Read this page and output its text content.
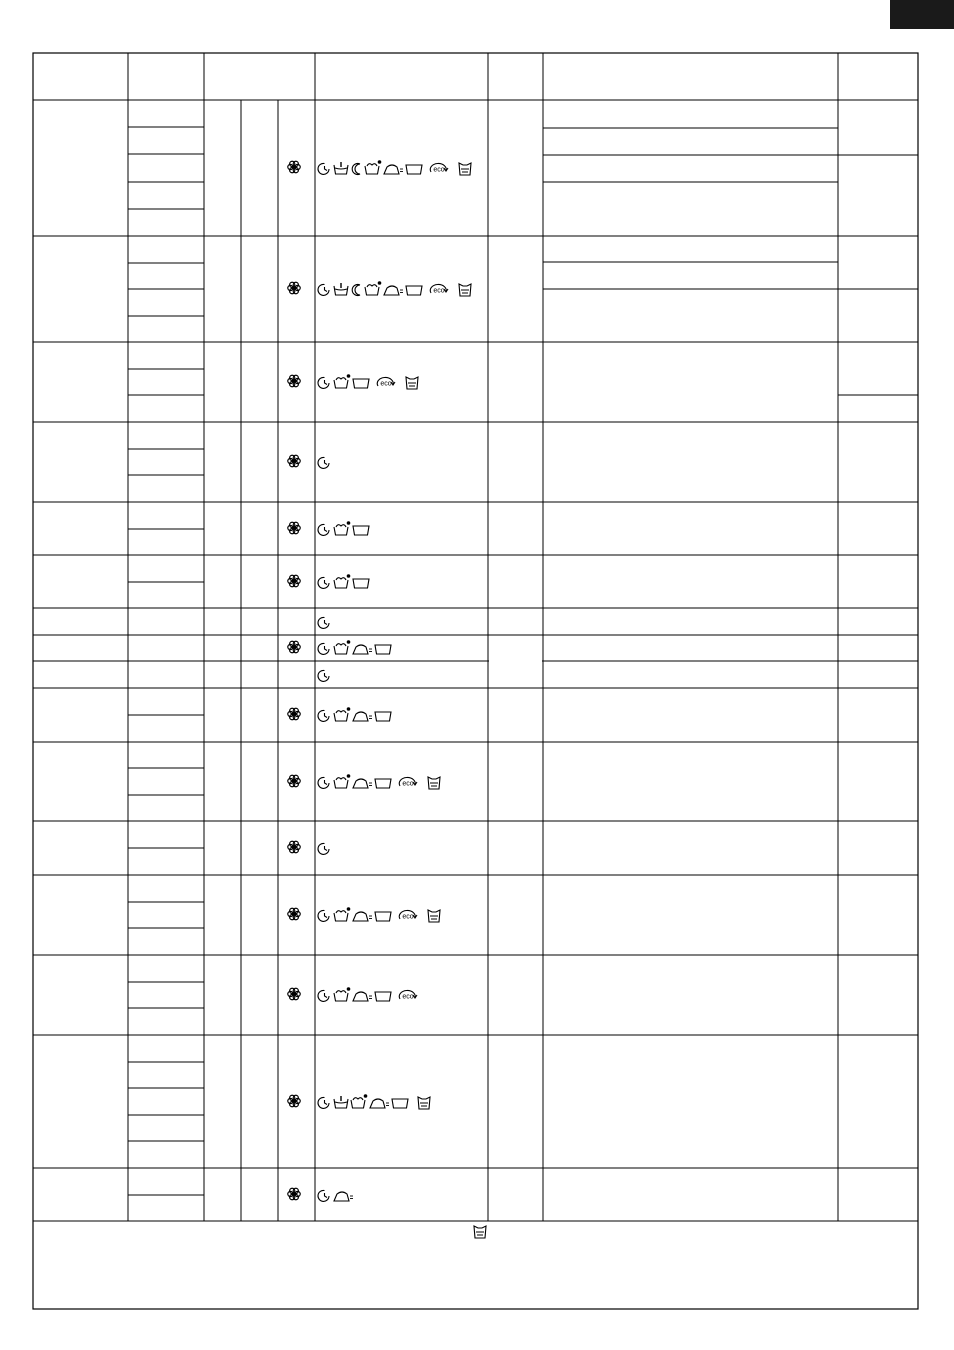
eco
eco
eco
eco
eco
eco
